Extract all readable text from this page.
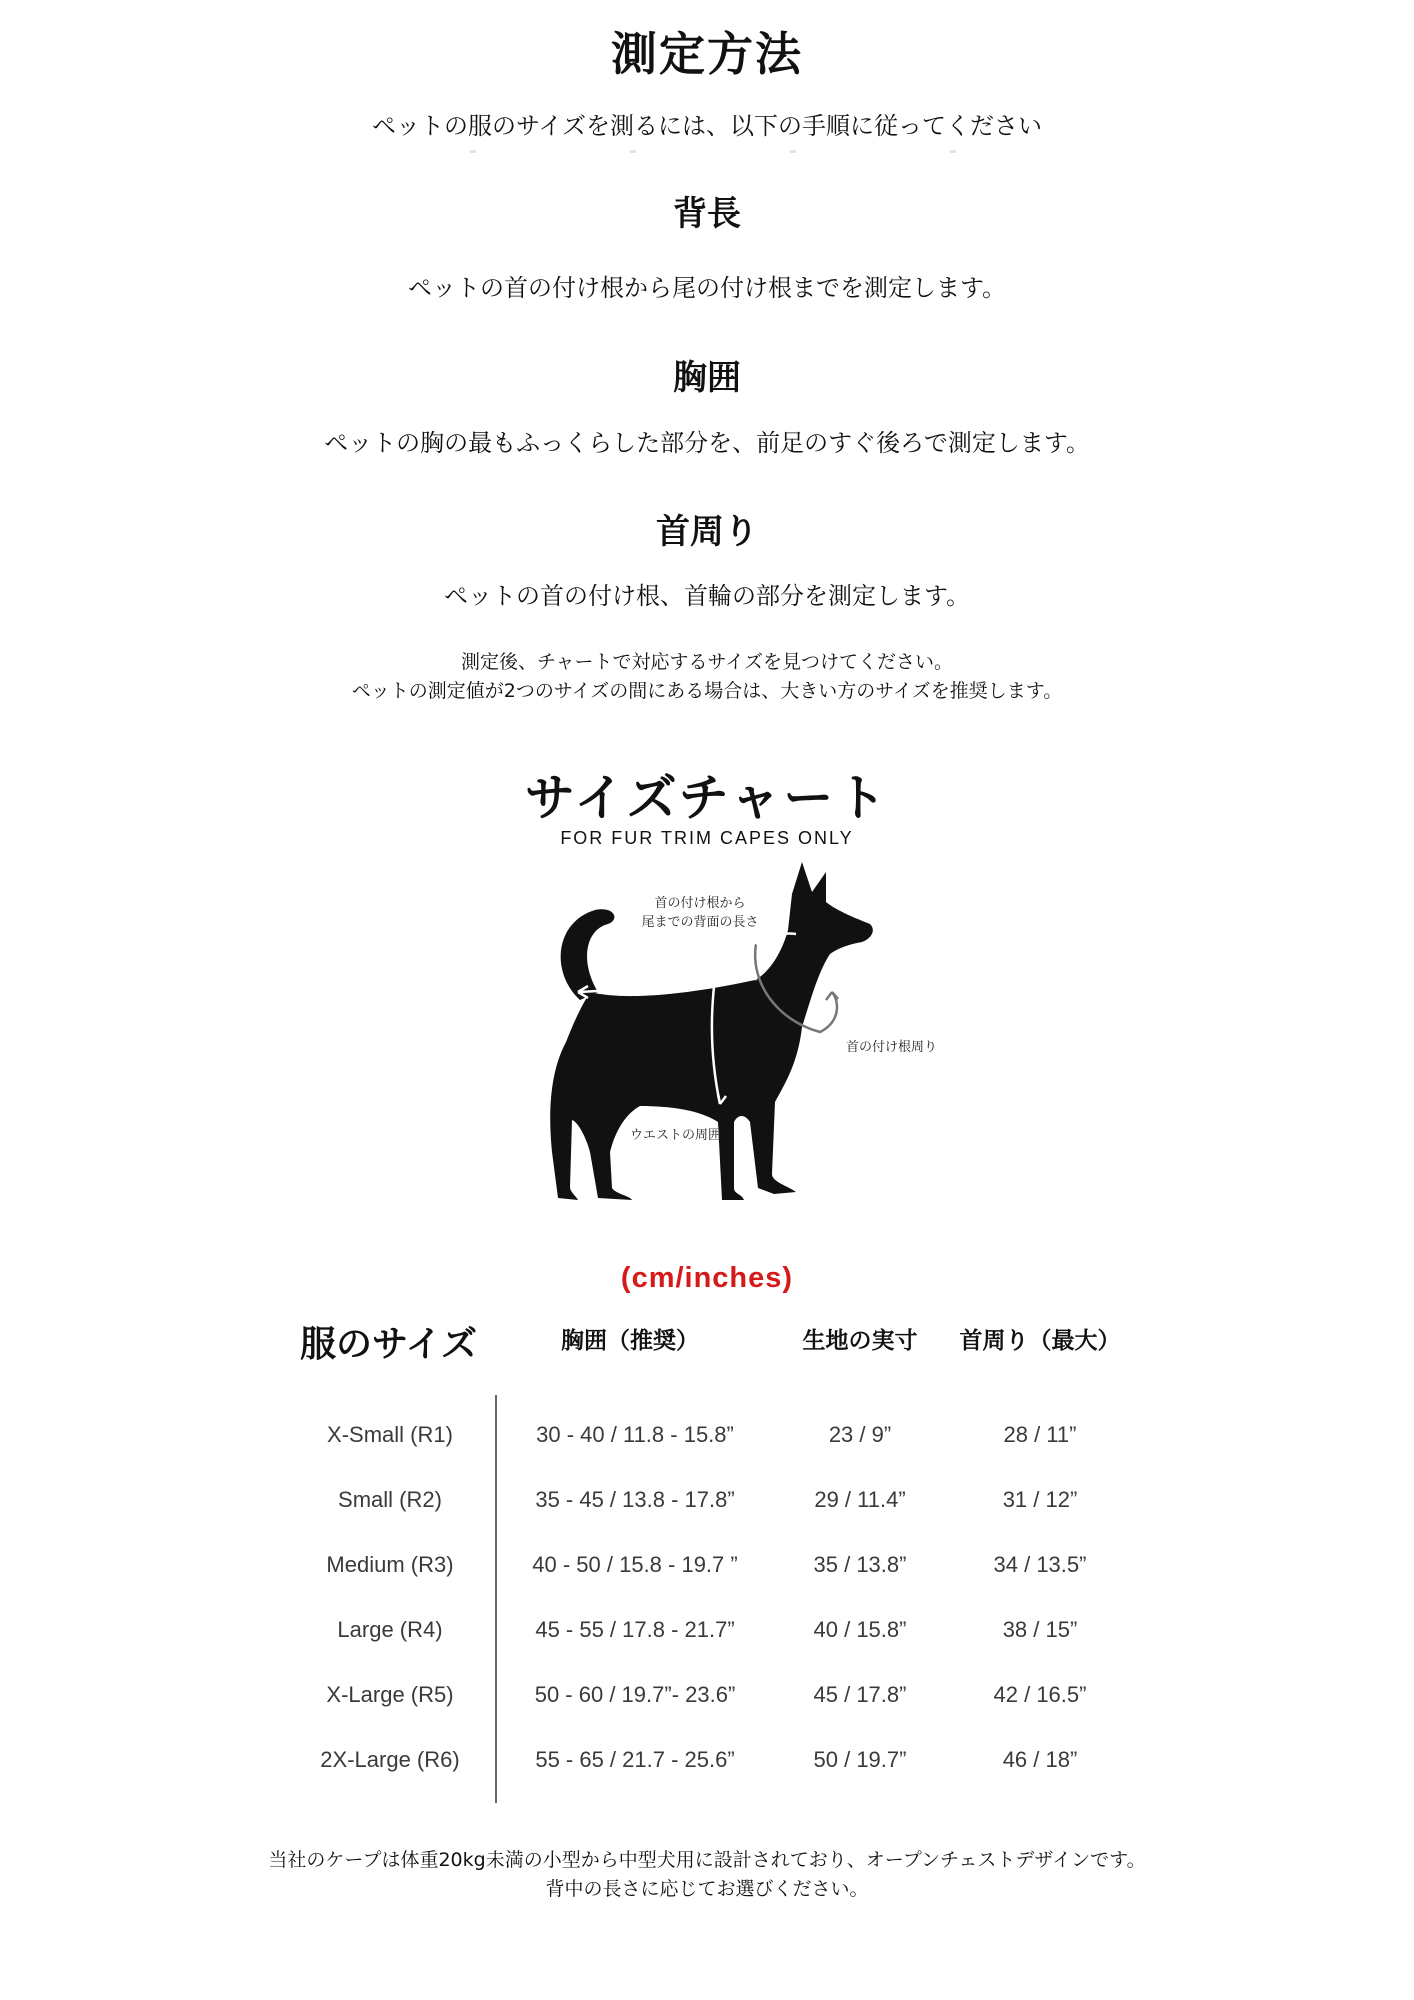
測定方法
ペットの服のサイズを測るには、以下の手順に従ってください
背長
ペットの首の付け根から尾の付け根までを測定します。
胸囲
ペットの胸の最もふっくらした部分を、前足のすぐ後ろで測定します。
首周り
ペットの首の付け根、首輪の部分を測定します。
測定後、チャートで対応するサイズを見つけてください。
ペットの測定値が2つのサイズの間にある場合は、大きい方のサイズを推奨します。
サイズチャート
FOR FUR TRIM CAPES ONLY
首の付け根から
尾までの背面の長さ
首の付け根周り
ウエストの周囲
(cm/inches)
服のサイズ	胸囲（推奨）	生地の実寸	首周り（最大）
X-Small (R1)	30 - 40 / 11.8 - 15.8”	23 / 9”	28 / 11”
Small (R2)	35 - 45 / 13.8 - 17.8”	29 / 11.4”	31 / 12”
Medium (R3)	40 - 50 / 15.8 - 19.7 ”	35 / 13.8”	34 / 13.5”
Large (R4)	45 - 55 / 17.8 - 21.7”	40 / 15.8”	38 / 15”
X-Large (R5)	50 - 60 / 19.7”- 23.6”	45 / 17.8”	42 / 16.5”
2X-Large (R6)	55 - 65 / 21.7 - 25.6”	50 / 19.7”	46 / 18”
当社のケープは体重20kg未満の小型から中型犬用に設計されており、オープンチェストデザインです。
背中の長さに応じてお選びください。
